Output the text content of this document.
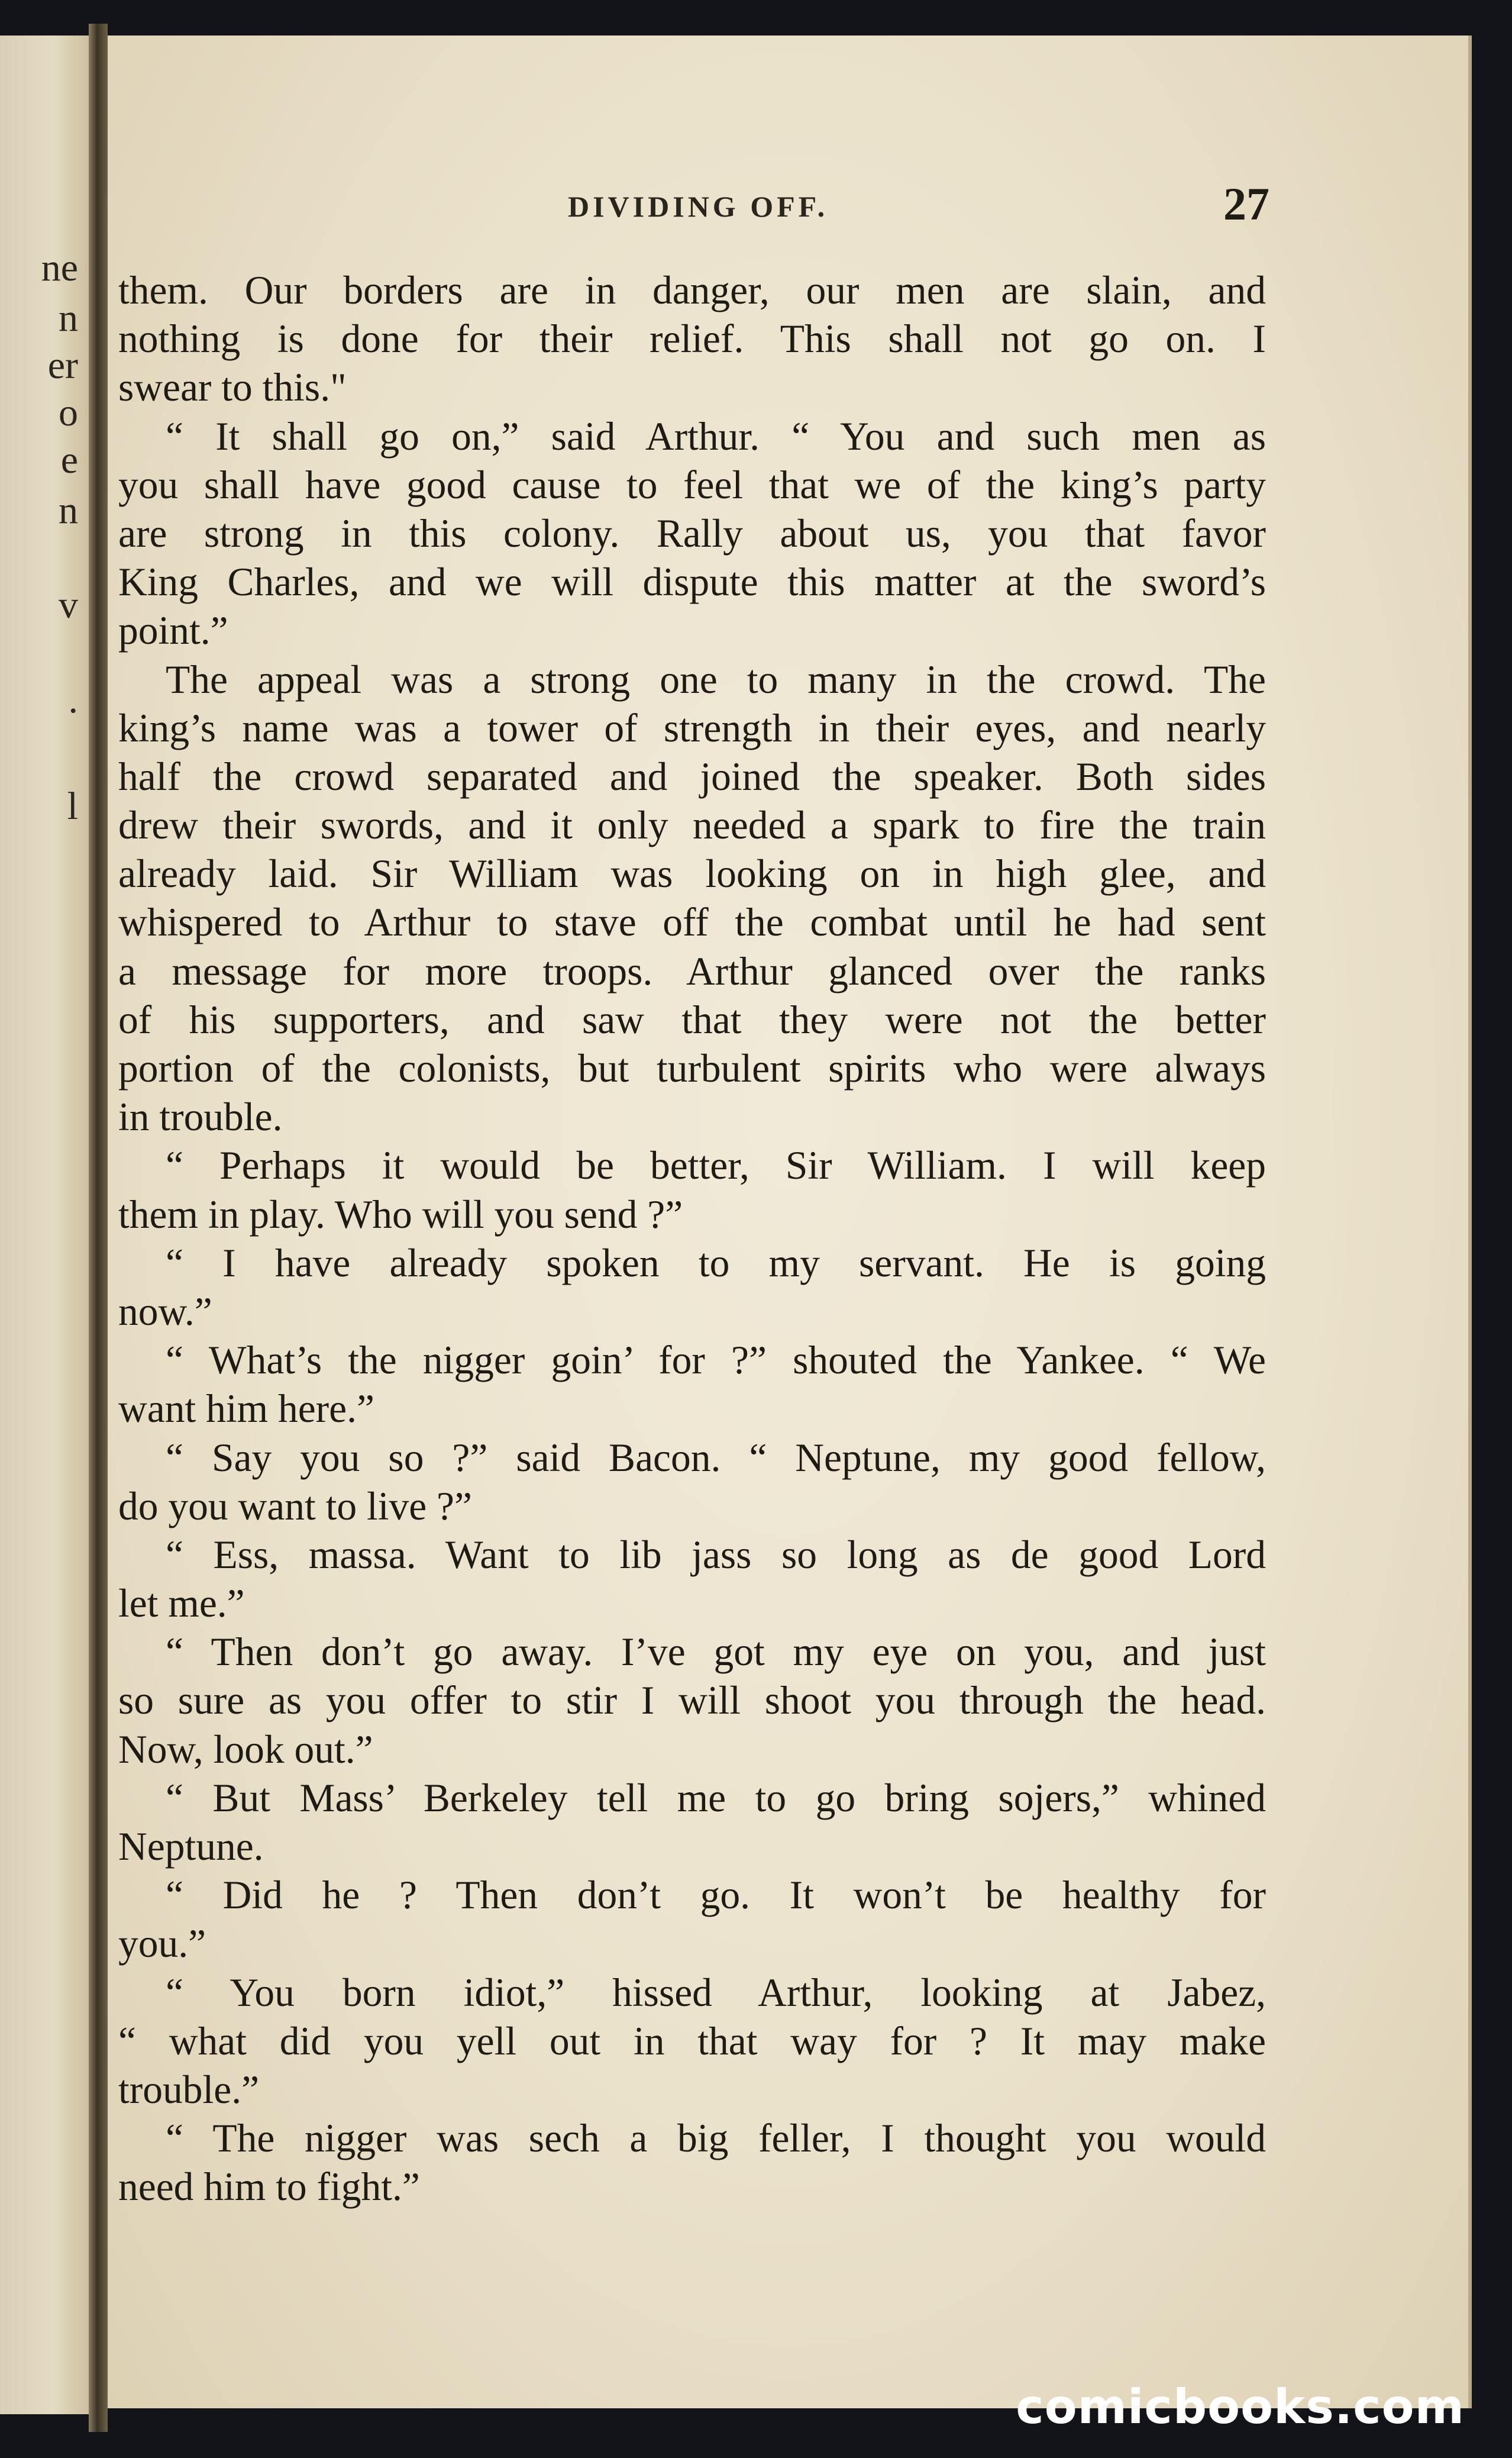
ne
n
er
o
e
n
v
.
l
DIVIDING OFF.	27
them. Our borders are in danger, our men are slain, and
nothing is done for their relief. This shall not go on. I
swear to this."
“ It shall go on,” said Arthur. “ You and such men as
you shall have good cause to feel that we of the king’s party
are strong in this colony. Rally about us, you that favor
King Charles, and we will dispute this matter at the sword’s
point.”
The appeal was a strong one to many in the crowd. The
king’s name was a tower of strength in their eyes, and nearly
half the crowd separated and joined the speaker. Both sides
drew their swords, and it only needed a spark to fire the train
already laid. Sir William was looking on in high glee, and
whispered to Arthur to stave off the combat until he had sent
a message for more troops. Arthur glanced over the ranks
of his supporters, and saw that they were not the better
portion of the colonists, but turbulent spirits who were always
in trouble.
“ Perhaps it would be better, Sir William. I will keep
them in play. Who will you send ?”
“ I have already spoken to my servant. He is going
now.”
“ What’s the nigger goin’ for ?” shouted the Yankee. “ We
want him here.”
“ Say you so ?” said Bacon. “ Neptune, my good fellow,
do you want to live ?”
“ Ess, massa. Want to lib jass so long as de good Lord
let me.”
“ Then don’t go away. I’ve got my eye on you, and just
so sure as you offer to stir I will shoot you through the head.
Now, look out.”
“ But Mass’ Berkeley tell me to go bring sojers,” whined
Neptune.
“ Did he ? Then don’t go. It won’t be healthy for
you.”
“ You born idiot,” hissed Arthur, looking at Jabez,
“ what did you yell out in that way for ? It may make
trouble.”
“ The nigger was sech a big feller, I thought you would
need him to fight.”
comicbooks.com
